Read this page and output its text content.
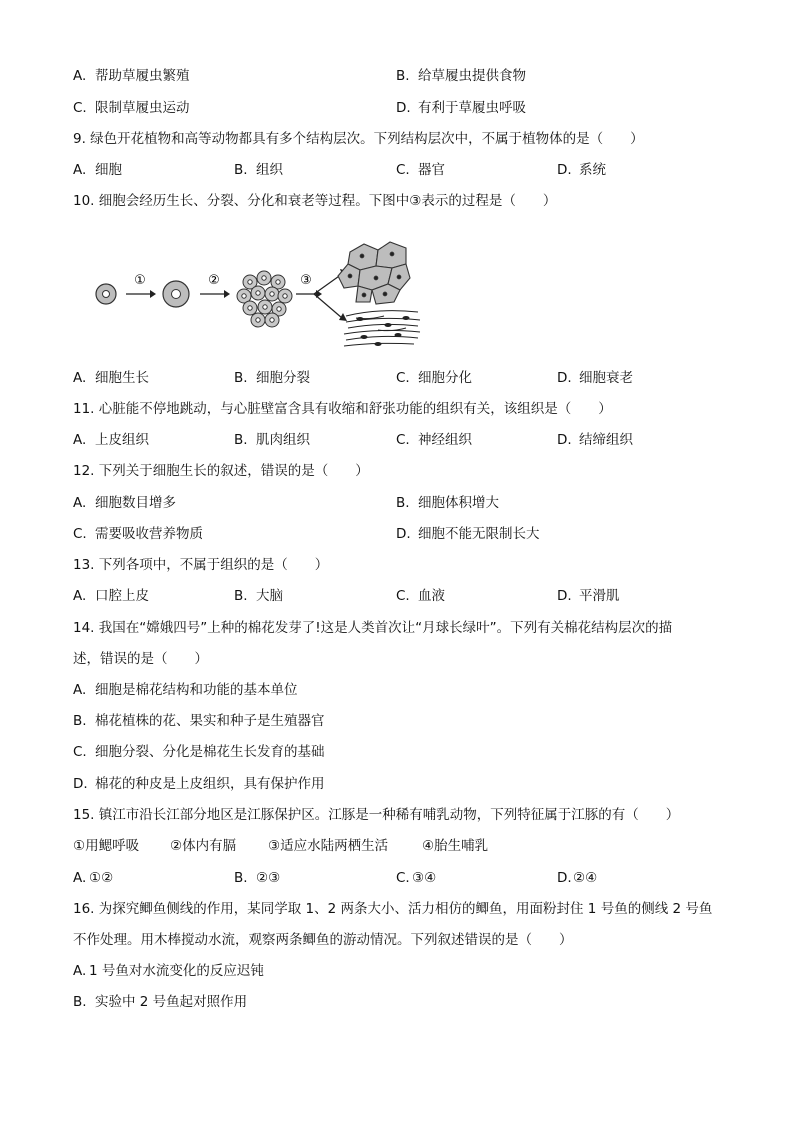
A. 帮助草履虫繁殖	B. 给草履虫提供食物
C. 限制草履虫运动	D. 有利于草履虫呼吸
9. 绿色开花植物和高等动物都具有多个结构层次。下列结构层次中，不属于植物体的是（　　）
A. 细胞	B. 组织	C. 器官	D. 系统
10. 细胞会经历生长、分裂、分化和衰老等过程。下图中③表示的过程是（　　）
①	②	③
A. 细胞生长	B. 细胞分裂	C. 细胞分化	D. 细胞衰老
11. 心脏能不停地跳动，与心脏壁富含具有收缩和舒张功能的组织有关，该组织是（　　）
A. 上皮组织	B. 肌肉组织	C. 神经组织	D. 结缔组织
12. 下列关于细胞生长的叙述，错误的是（　　）
A. 细胞数目增多	B. 细胞体积增大
C. 需要吸收营养物质	D. 细胞不能无限制长大
13. 下列各项中，不属于组织的是（　　）
A. 口腔上皮	B. 大脑	C. 血液	D. 平滑肌
14. 我国在“嫦娥四号”上种的棉花发芽了!这是人类首次让“月球长绿叶”。下列有关棉花结构层次的描
述，错误的是（　　）
A. 细胞是棉花结构和功能的基本单位
B. 棉花植株的花、果实和种子是生殖器官
C. 细胞分裂、分化是棉花生长发育的基础
D. 棉花的种皮是上皮组织，具有保护作用
15. 镇江市沿长江部分地区是江豚保护区。江豚是一种稀有哺乳动物，下列特征属于江豚的有（　　）
①用鳃呼吸 ②体内有膈 ③适应水陆两栖生活	④胎生哺乳
A. ①②	B. ②③	C. ③④	D.②④
16. 为探究鲫鱼侧线的作用，某同学取 1、2 两条大小、活力相仿的鲫鱼，用面粉封住 1 号鱼的侧线 2 号鱼
不作处理。用木棒搅动水流，观察两条鲫鱼的游动情况。下列叙述错误的是（　　）
A. 1 号鱼对水流变化的反应迟钝
B. 实验中 2 号鱼起对照作用
